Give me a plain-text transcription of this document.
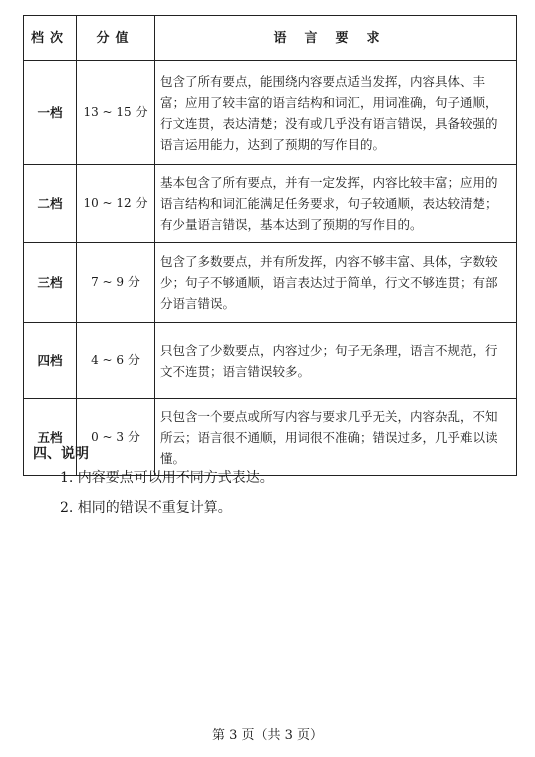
档次	分值	语言要求
一档	13 ~ 15 分	包含了所有要点，能围绕内容要点适当发挥，内容具体、丰富；应用了较丰富的语言结构和词汇，用词准确，句子通顺，行文连贯，表达清楚；没有或几乎没有语言错误，具备较强的语言运用能力，达到了预期的写作目的。
二档	10 ~ 12 分	基本包含了所有要点，并有一定发挥，内容比较丰富；应用的语言结构和词汇能满足任务要求，句子较通顺，表达较清楚；有少量语言错误，基本达到了预期的写作目的。
三档	7 ~ 9 分	包含了多数要点，并有所发挥，内容不够丰富、具体，字数较少；句子不够通顺，语言表达过于简单，行文不够连贯；有部分语言错误。
四档	4 ~ 6 分	只包含了少数要点，内容过少；句子无条理，语言不规范，行文不连贯；语言错误较多。
五档	0 ~ 3 分	只包含一个要点或所写内容与要求几乎无关，内容杂乱，不知所云；语言很不通顺，用词很不准确；错误过多，几乎难以读懂。
四、说明
1. 内容要点可以用不同方式表达。
2. 相同的错误不重复计算。
第 3 页（共 3 页）
